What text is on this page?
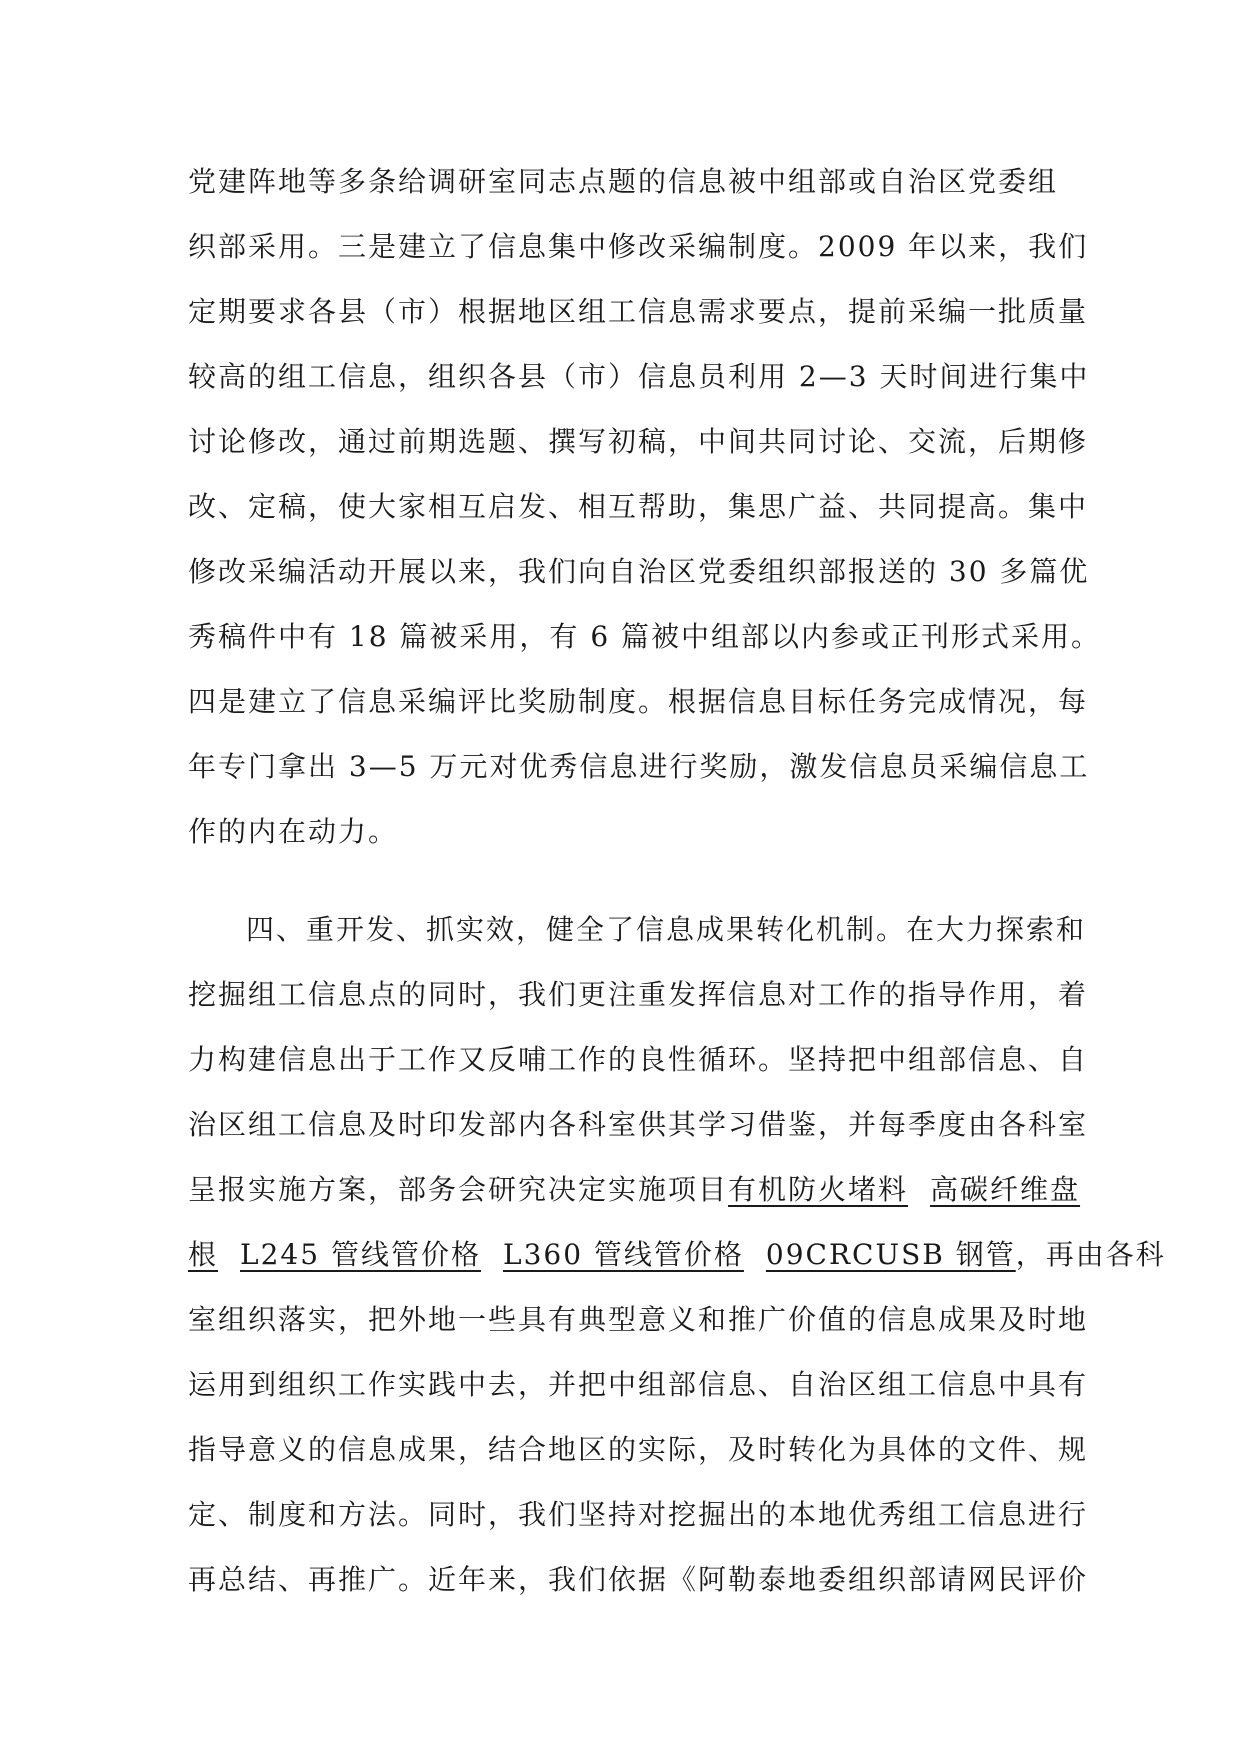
党建阵地等多条给调研室同志点题的信息被中组部或自治区党委组
织部采用。三是建立了信息集中修改采编制度。2009 年以来，我们
定期要求各县（市）根据地区组工信息需求要点，提前采编一批质量
较高的组工信息，组织各县（市）信息员利用 2—3 天时间进行集中
讨论修改，通过前期选题、撰写初稿，中间共同讨论、交流，后期修
改、定稿，使大家相互启发、相互帮助，集思广益、共同提高。集中
修改采编活动开展以来，我们向自治区党委组织部报送的 30 多篇优
秀稿件中有 18 篇被采用，有 6 篇被中组部以内参或正刊形式采用。
四是建立了信息采编评比奖励制度。根据信息目标任务完成情况，每
年专门拿出 3—5 万元对优秀信息进行奖励，激发信息员采编信息工
作的内在动力。
四、重开发、抓实效，健全了信息成果转化机制。在大力探索和
挖掘组工信息点的同时，我们更注重发挥信息对工作的指导作用，着
力构建信息出于工作又反哺工作的良性循环。坚持把中组部信息、自
治区组工信息及时印发部内各科室供其学习借鉴，并每季度由各科室
呈报实施方案，部务会研究决定实施项目有机防火堵料 高碳纤维盘
根 L245 管线管价格 L360 管线管价格 09CRCUSB 钢管，再由各科
室组织落实，把外地一些具有典型意义和推广价值的信息成果及时地
运用到组织工作实践中去，并把中组部信息、自治区组工信息中具有
指导意义的信息成果，结合地区的实际，及时转化为具体的文件、规
定、制度和方法。同时，我们坚持对挖掘出的本地优秀组工信息进行
再总结、再推广。近年来，我们依据《阿勒泰地委组织部请网民评价
